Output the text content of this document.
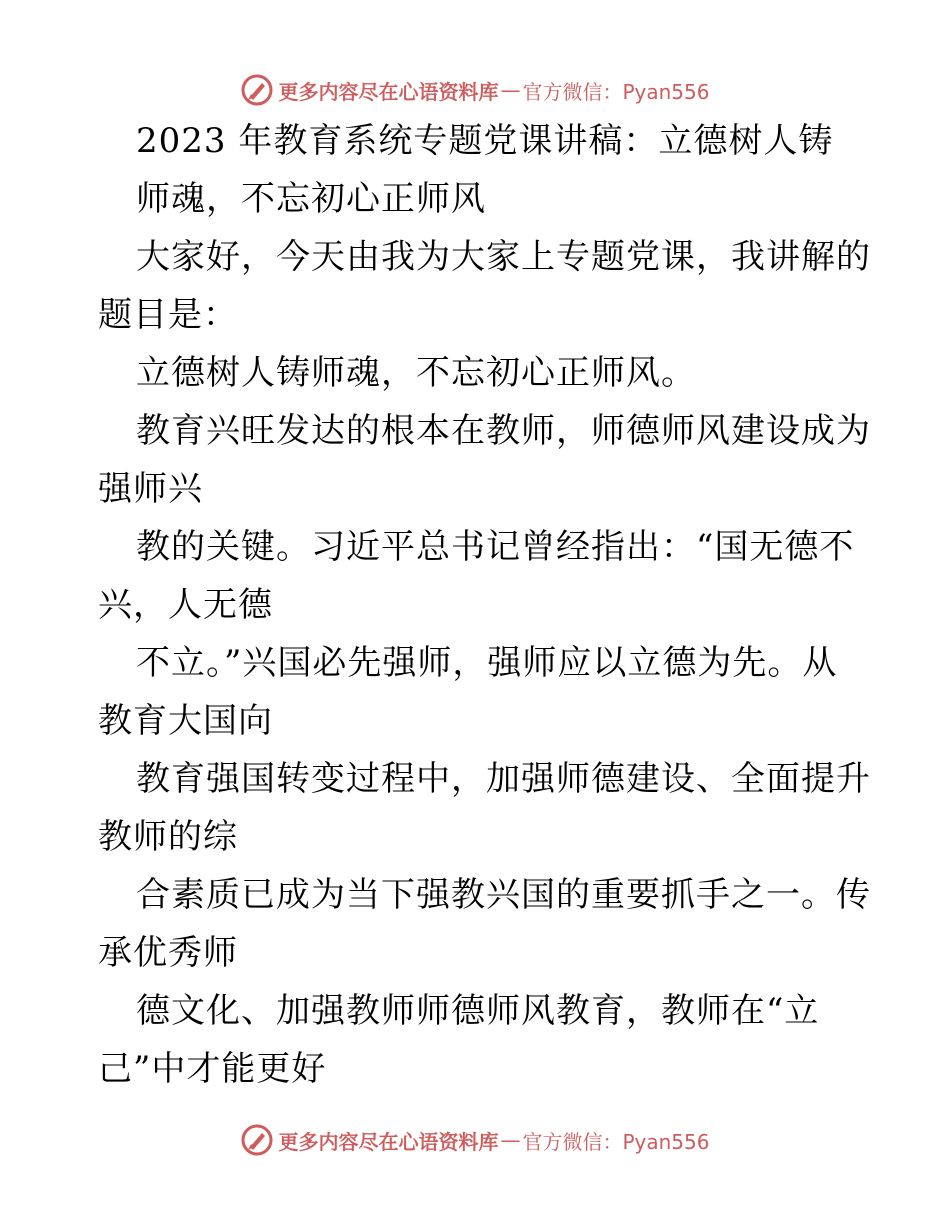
更多内容尽在心语资料库 — 官方微信：Pyan556
2023 年教育系统专题党课讲稿：立德树人铸
师魂，不忘初心正师风
大家好，今天由我为大家上专题党课，我讲解的
题目是：
立德树人铸师魂，不忘初心正师风。
教育兴旺发达的根本在教师，师德师风建设成为
强师兴
教的关键。习近平总书记曾经指出：“国无德不
兴，人无德
不立。”兴国必先强师，强师应以立德为先。从
教育大国向
教育强国转变过程中，加强师德建设、全面提升
教师的综
合素质已成为当下强教兴国的重要抓手之一。传
承优秀师
德文化、加强教师师德师风教育，教师在“立
己”中才能更好
更多内容尽在心语资料库 — 官方微信：Pyan556
